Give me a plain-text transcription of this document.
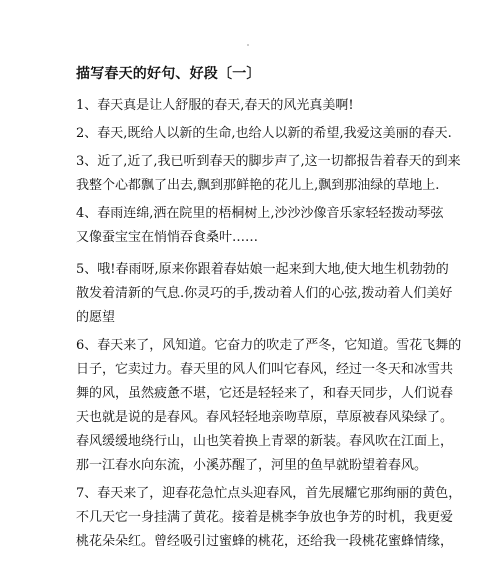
描写春天的好句、好段〔一〕
1、春天真是让人舒服的春天,春天的风光真美啊!
2、春天,既给人以新的生命,也给人以新的希望,我爱这美丽的春天.
3、近了,近了,我已听到春天的脚步声了,这一切都报告着春天的到来
我整个心都飘了出去,飘到那鲜艳的花儿上,飘到那油绿的草地上.
4、春雨连绵,洒在院里的梧桐树上,沙沙沙像音乐家轻轻拨动琴弦
又像蚕宝宝在悄悄吞食桑叶……
5、哦!春雨呀,原来你跟着春姑娘一起来到大地,使大地生机勃勃的
散发着清新的气息.你灵巧的手,拨动着人们的心弦,拨动着人们美好
的愿望
6、春天来了，风知道。它奋力的吹走了严冬，它知道。雪花飞舞的
日子，它卖过力。春天里的风人们叫它春风，经过一冬天和冰雪共
舞的风，虽然疲惫不堪，它还是轻轻来了，和春天同步，人们说春
天也就是说的是春风。春风轻轻地亲吻草原，草原被春风染绿了。
春风缓缓地绕行山，山也笑着换上青翠的新装。春风吹在江面上，
那一江春水向东流，小溪苏醒了，河里的鱼早就盼望着春风。
7、春天来了，迎春花急忙点头迎春风，首先展耀它那绚丽的黄色，
不几天它一身挂满了黄花。接着是桃李争放也争芳的时机，我更爱
桃花朵朵红。曾经吸引过蜜蜂的桃花，还给我一段桃花蜜蜂情缘，
